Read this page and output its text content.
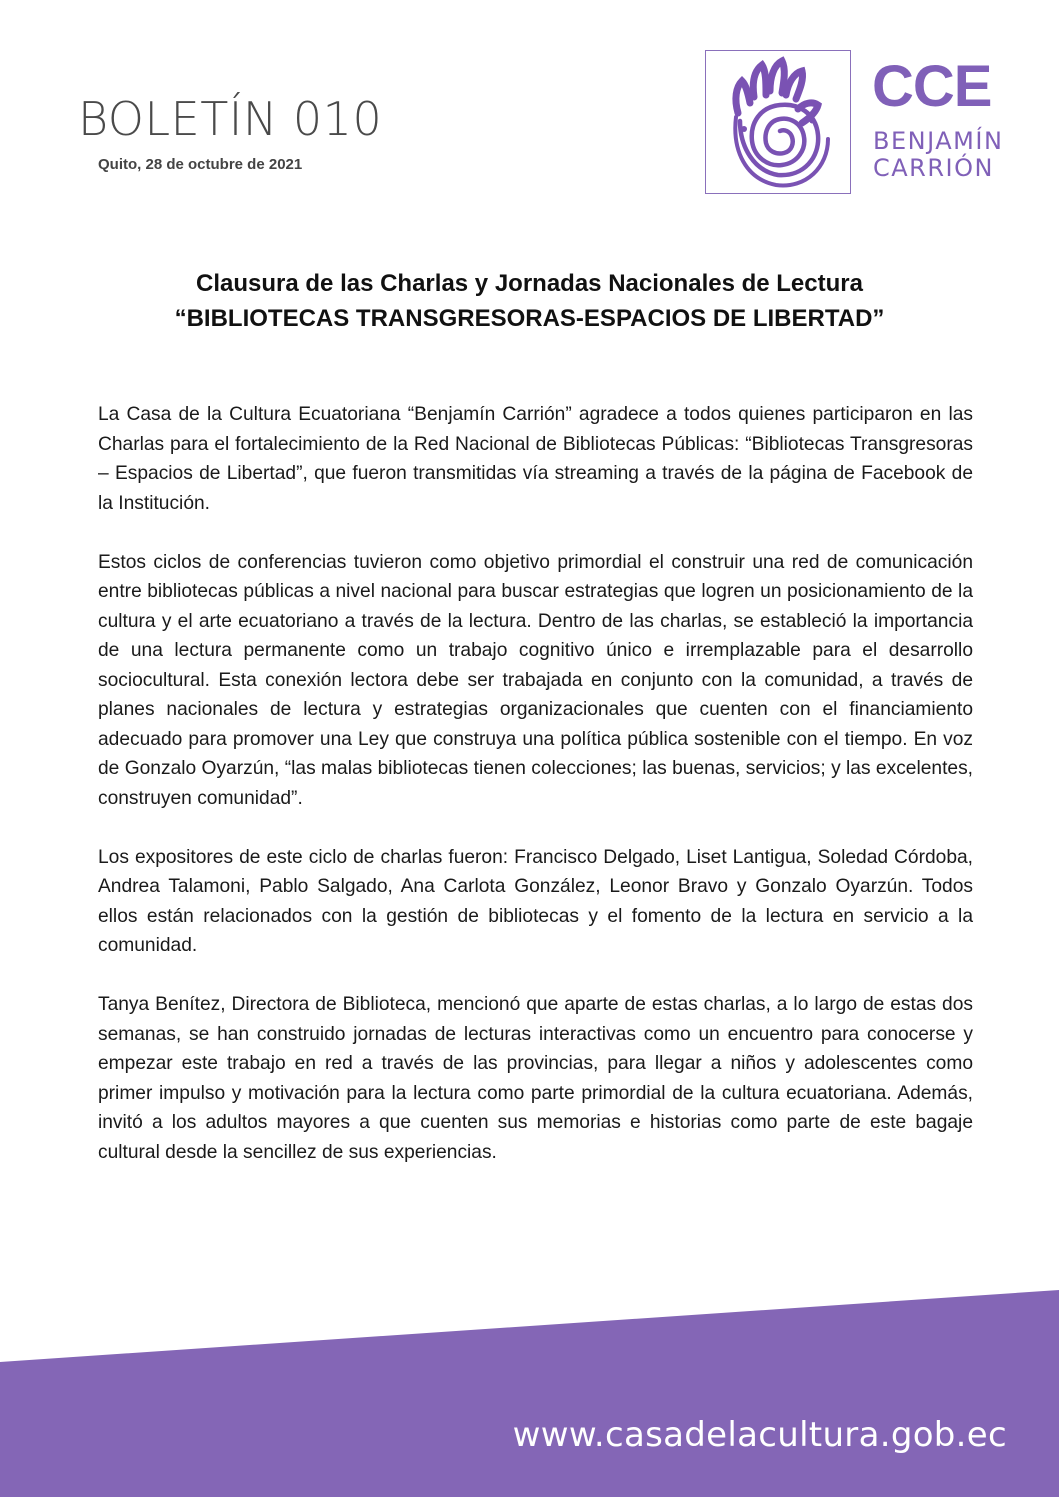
BOLETÍN 010
Quito, 28 de octubre de 2021
CCE
BENJAMÍN
CARRIÓN
Clausura de las Charlas y Jornadas Nacionales de Lectura
“BIBLIOTECAS TRANSGRESORAS-ESPACIOS DE LIBERTAD”

La Casa de la Cultura Ecuatoriana “Benjamín Carrión” agradece a todos quienes participaron en las Charlas para el fortalecimiento de la Red Nacional de Bibliotecas Públicas: “Bibliotecas Transgresoras – Espacios de Libertad”, que fueron transmitidas vía streaming a través de la página de Facebook de la Institución.

Estos ciclos de conferencias tuvieron como objetivo primordial el construir una red de comunicación entre bibliotecas públicas a nivel nacional para buscar estrategias que logren un posicionamiento de la cultura y el arte ecuatoriano a través de la lectura. Dentro de las charlas, se estableció la importancia de una lectura permanente como un trabajo cognitivo único e irremplazable para el desarrollo sociocultural. Esta conexión lectora debe ser trabajada en conjunto con la comunidad, a través de planes nacionales de lectura y estrategias organizacionales que cuenten con el financiamiento adecuado para promover una Ley que construya una política pública sostenible con el tiempo. En voz de Gonzalo Oyarzún, “las malas bibliotecas tienen colecciones; las buenas, servicios; y las excelentes, construyen comunidad”.

Los expositores de este ciclo de charlas fueron: Francisco Delgado, Liset Lantigua, Soledad Córdoba, Andrea Talamoni, Pablo Salgado, Ana Carlota González, Leonor Bravo y Gonzalo Oyarzún. Todos ellos están relacionados con la gestión de bibliotecas y el fomento de la lectura en servicio a la comunidad.

Tanya Benítez, Directora de Biblioteca, mencionó que aparte de estas charlas, a lo largo de estas dos semanas, se han construido jornadas de lecturas interactivas como un encuentro para conocerse y empezar este trabajo en red a través de las provincias, para llegar a niños y adolescentes como primer impulso y motivación para la lectura como parte primordial de la cultura ecuatoriana. Además, invitó a los adultos mayores a que cuenten sus memorias e historias como parte de este bagaje cultural desde la sencillez de sus experiencias.

www.casadelacultura.gob.ec
